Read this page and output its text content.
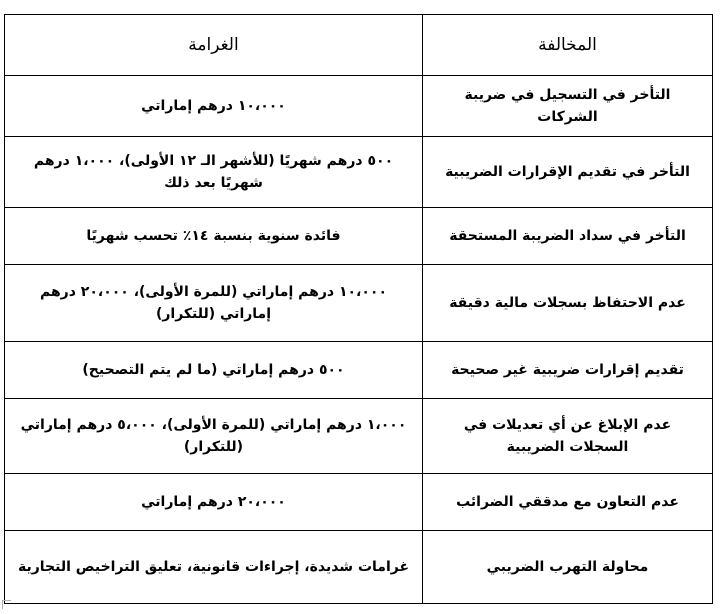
المخالفة	الغرامة
التأخر في التسجيل في ضريبة الشركات	١٠،٠٠٠ درهم إماراتي
التأخر في تقديم الإقرارات الضريبية	٥٠٠ درهم شهريًا (للأشهر الـ ١٢ الأولى)، ١،٠٠٠ درهم شهريًا بعد ذلك
التأخر في سداد الضريبة المستحقة	فائدة سنوية بنسبة ١٤٪ تحسب شهريًا
عدم الاحتفاظ بسجلات مالية دقيقة	١٠،٠٠٠ درهم إماراتي (للمرة الأولى)، ٢٠،٠٠٠ درهم إماراتي (للتكرار)
تقديم إقرارات ضريبية غير صحيحة	٥٠٠ درهم إماراتي (ما لم يتم التصحيح)
عدم الإبلاغ عن أي تعديلات في السجلات الضريبية	١،٠٠٠ درهم إماراتي (للمرة الأولى)، ٥،٠٠٠ درهم إماراتي (للتكرار)
عدم التعاون مع مدققي الضرائب	٢٠،٠٠٠ درهم إماراتي
محاولة التهرب الضريبي	غرامات شديدة، إجراءات قانونية، تعليق التراخيص التجارية
